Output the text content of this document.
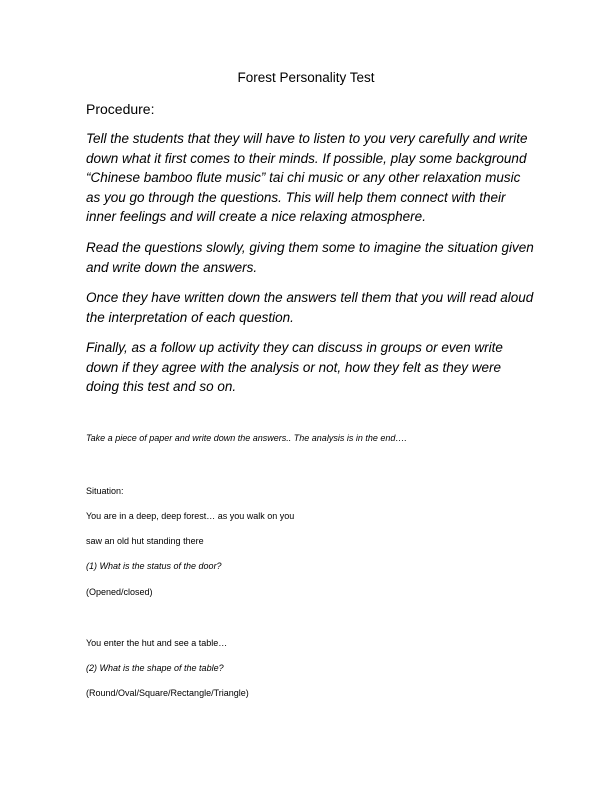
Forest Personality Test
Procedure:
Tell the students that they will have to listen to you very carefully and write down what it first comes to their minds. If possible, play some background “Chinese bamboo flute music” tai chi music or any other relaxation music as you go through the questions. This will help them connect with their inner feelings and will create a nice relaxing atmosphere.
Read the questions slowly, giving them some to imagine the situation given and write down the answers.
Once they have written down the answers tell them that you will read aloud the interpretation of each question.
Finally, as a follow up activity they can discuss in groups or even write down if they agree with the analysis or not, how they felt as they were doing this test and so on.
Take a piece of paper and write down the answers.. The analysis is in the end….
Situation:
You are in a deep, deep forest… as you walk on you
saw an old hut standing there
(1) What is the status of the door?
(Opened/closed)
You enter the hut and see a table…
(2) What is the shape of the table?
(Round/Oval/Square/Rectangle/Triangle)
